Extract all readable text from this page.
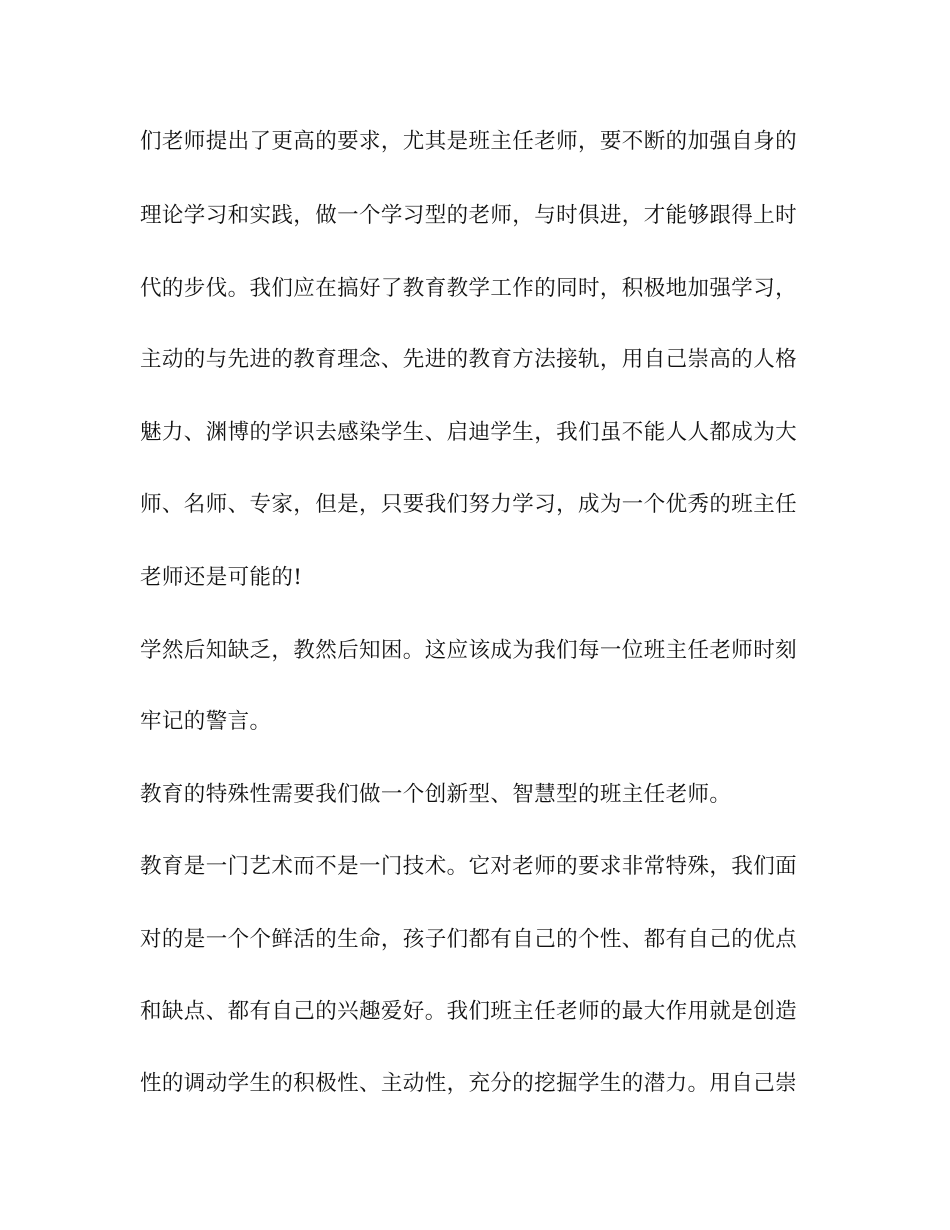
们老师提出了更高的要求，尤其是班主任老师，要不断的加强自身的
理论学习和实践，做一个学习型的老师，与时俱进，才能够跟得上时
代的步伐。我们应在搞好了教育教学工作的同时，积极地加强学习，
主动的与先进的教育理念、先进的教育方法接轨，用自己崇高的人格
魅力、渊博的学识去感染学生、启迪学生，我们虽不能人人都成为大
师、名师、专家，但是，只要我们努力学习，成为一个优秀的班主任
老师还是可能的!
学然后知缺乏，教然后知困。这应该成为我们每一位班主任老师时刻
牢记的警言。
教育的特殊性需要我们做一个创新型、智慧型的班主任老师。
教育是一门艺术而不是一门技术。它对老师的要求非常特殊，我们面
对的是一个个鲜活的生命，孩子们都有自己的个性、都有自己的优点
和缺点、都有自己的兴趣爱好。我们班主任老师的最大作用就是创造
性的调动学生的积极性、主动性，充分的挖掘学生的潜力。用自己崇
